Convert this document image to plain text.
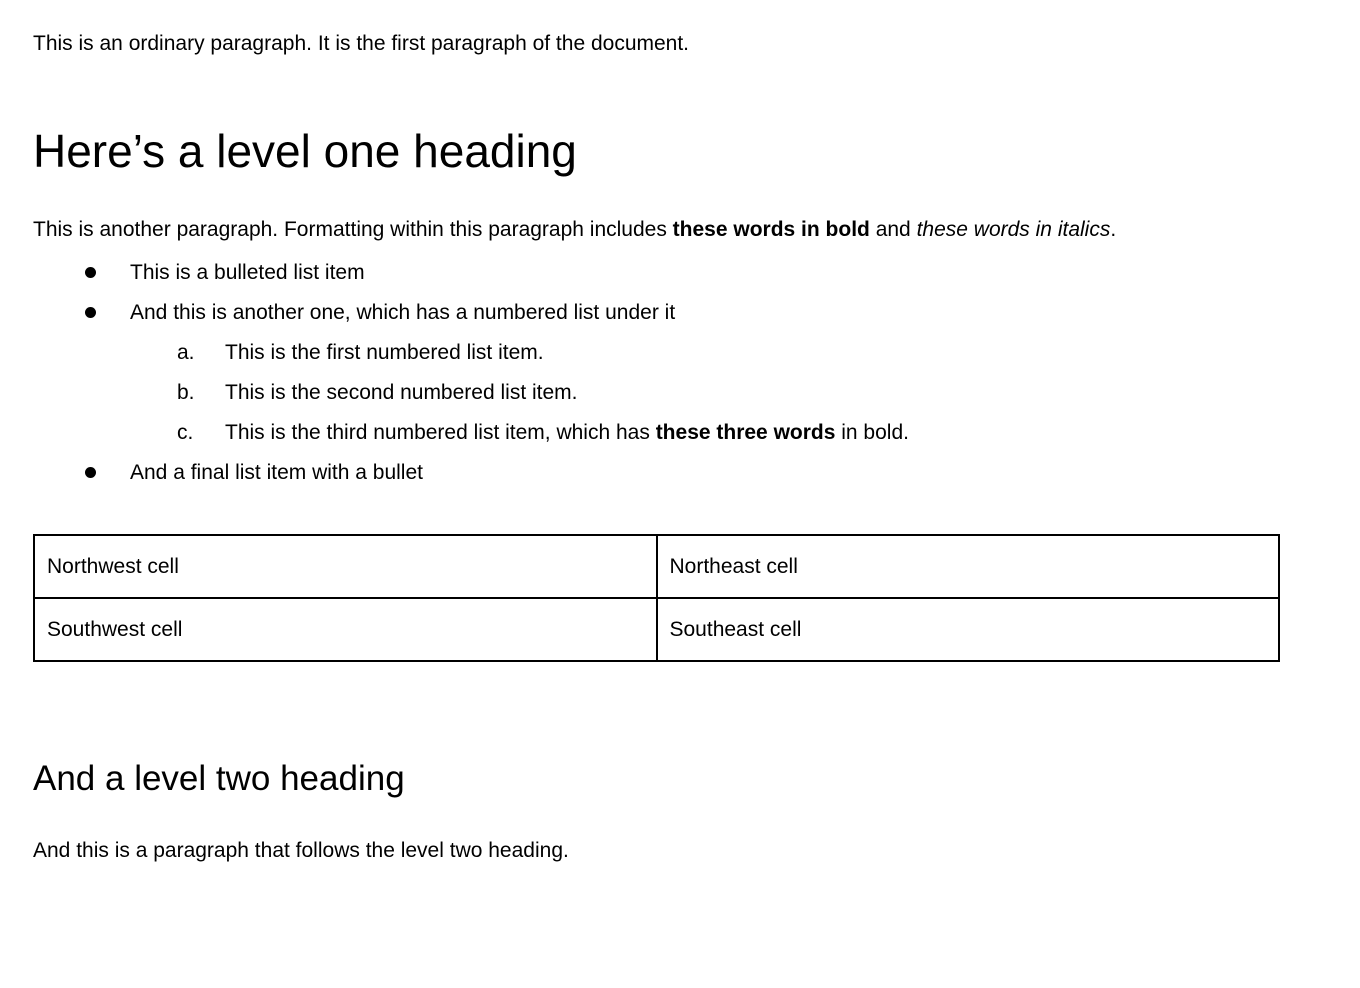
This is an ordinary paragraph. It is the first paragraph of the document.

Here’s a level one heading

This is another paragraph. Formatting within this paragraph includes these words in bold and these words in italics.

This is a bulleted list item
And this is another one, which has a numbered list under it
a. This is the first numbered list item.
b. This is the second numbered list item.
c. This is the third numbered list item, which has these three words in bold.
And a final list item with a bullet
Northwest cell	Northeast cell
Southwest cell	Southeast cell
And a level two heading

And this is a paragraph that follows the level two heading.
